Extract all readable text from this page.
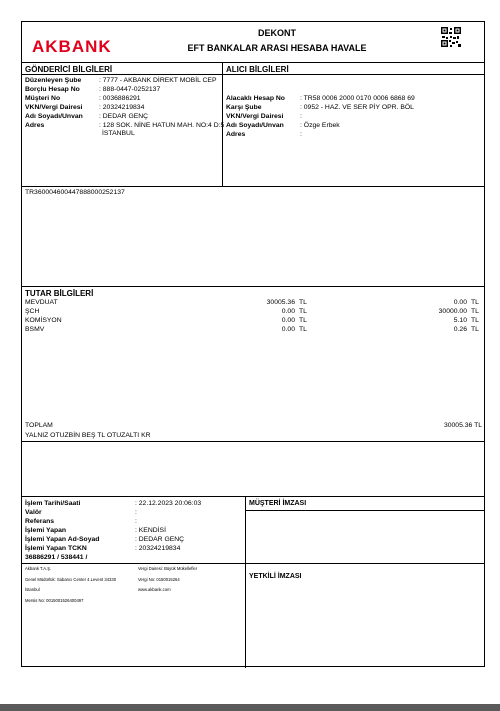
AKBANK
DEKONT
EFT BANKALAR ARASI HESABA HAVALE
GÖNDERİCİ BİLGİLERİ
Düzenleyen Şube	: 7777 - AKBANK DİREKT MOBİL CEP
Borçlu Hesap No	: 888-0447-0252137
Müşteri No	: 0036886291
VKN/Vergi Dairesi	: 20324219834
Adı Soyadı/Unvan	: DEDAR GENÇ
Adres	: 128 SOK. NİNE HATUN MAH. NO:4 D:5
İSTANBUL
ALICI BİLGİLERİ
Alacaklı Hesap No	: TR58 0006 2000 0170 0006 6868 69
Karşı Şube	: 0952 - HAZ. VE SER PİY OPR. BÖL
VKN/Vergi Dairesi	:
Adı Soyadı/Unvan	: Özge Erbek
Adres	:
TR360004600447888000252137
TUTAR BİLGİLERİ
MEVDUAT	30005.36 TL	0.00 TL
ŞCH	0.00 TL	30000.00 TL
KOMİSYON	0.00 TL	5.10 TL
BSMV	0.00 TL	0.26 TL
TOPLAM	30005.36 TL
YALNIZ OTUZBİN BEŞ TL OTUZALTI KR
İşlem Tarihi/Saati	: 22.12.2023 20:06:03
Valör	:
Referans	:
İşlemi Yapan	: KENDİSİ
İşlemi Yapan Ad-Soyad	: DEDAR GENÇ
İşlemi Yapan TCKN	: 20324219834
36886291 / 538441 /
MÜŞTERİ İMZASI
Akbank T.A.Ş.
Genel Müdürlük: Sabancı Center 4.Levent 34330
İstanbul
Mersis No: 0015001526400497
Vergi Dairesi: Büyük Mükellefler
Vergi No: 0150015264
www.akbank.com
YETKİLİ İMZASI
